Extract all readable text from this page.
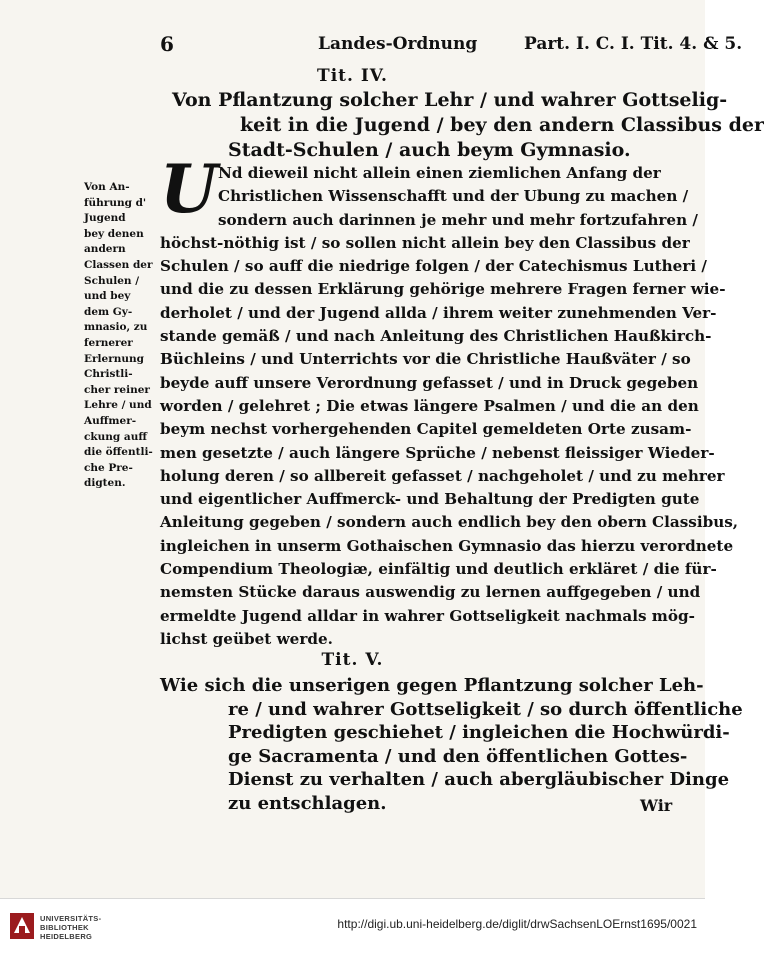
6	Landes-Ordnung	Part. I. C. I. Tit. 4. & 5.
Tit. IV.
Von Pflantzung solcher Lehr / und wahrer Gottselig-
keit in die Jugend / bey den andern Classibus der
Stadt-Schulen / auch beym Gymnasio.
Von An-
führung d'
Jugend
bey denen
andern
Classen der
Schulen /
und bey
dem Gy-
mnasio, zu
fernerer
Erlernung
Christli-
cher reiner
Lehre / und
Auffmer-
ckung auff
die öffentli-
che Pre-
digten.
U Nd dieweil nicht allein einen ziemlichen Anfang der
Christlichen Wissenschafft und der Ubung zu machen /
sondern auch darinnen je mehr und mehr fortzufahren /
höchst-nöthig ist / so sollen nicht allein bey den Classibus der
Schulen / so auff die niedrige folgen / der Catechismus Lutheri /
und die zu dessen Erklärung gehörige mehrere Fragen ferner wie-
derholet / und der Jugend allda / ihrem weiter zunehmenden Ver-
stande gemäß / und nach Anleitung des Christlichen Haußkirch-
Büchleins / und Unterrichts vor die Christliche Haußväter / so
beyde auff unsere Verordnung gefasset / und in Druck gegeben
worden / gelehret ; Die etwas längere Psalmen / und die an den
beym nechst vorhergehenden Capitel gemeldeten Orte zusam-
men gesetzte / auch längere Sprüche / nebenst fleissiger Wieder-
holung deren / so allbereit gefasset / nachgeholet / und zu mehrer
und eigentlicher Auffmerck- und Behaltung der Predigten gute
Anleitung gegeben / sondern auch endlich bey den obern Classibus,
ingleichen in unserm Gothaischen Gymnasio das hierzu verordnete
Compendium Theologiæ, einfältig und deutlich erkläret / die für-
nemsten Stücke daraus auswendig zu lernen auffgegeben / und
ermeldte Jugend alldar in wahrer Gottseligkeit nachmals mög-
lichst geübet werde.
Tit. V.
Wie sich die unserigen gegen Pflantzung solcher Leh-
re / und wahrer Gottseligkeit / so durch öffentliche
Predigten geschiehet / ingleichen die Hochwürdi-
ge Sacramenta / und den öffentlichen Gottes-
Dienst zu verhalten / auch abergläubischer Dinge
zu entschlagen.	Wir
UNIVERSITÄTS-
BIBLIOTHEK
HEIDELBERG
http://digi.ub.uni-heidelberg.de/diglit/drwSachsenLOErnst1695/0021
